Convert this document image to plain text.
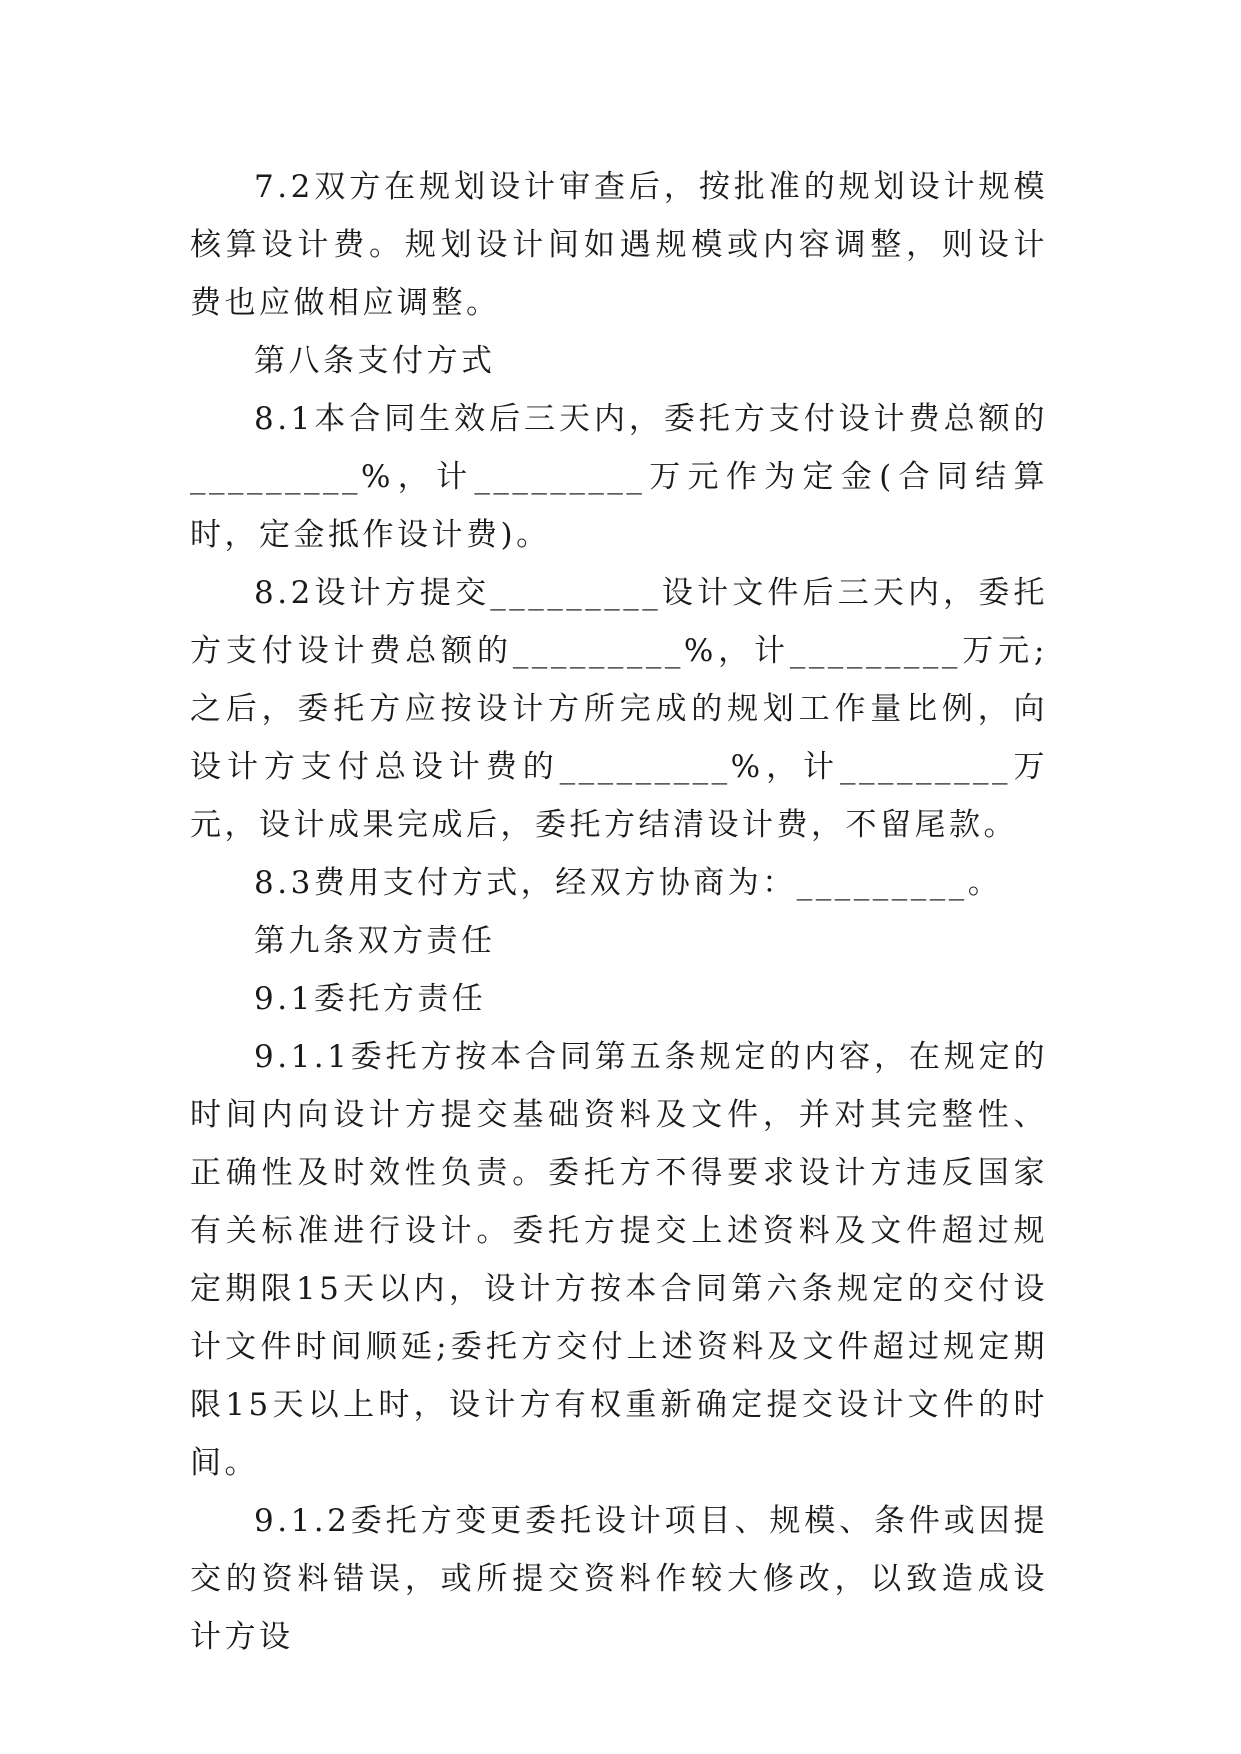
7.2双方在规划设计审查后，按批准的规划设计规模核算设计费。规划设计间如遇规模或内容调整，则设计费也应做相应调整。

第八条支付方式

8.1本合同生效后三天内，委托方支付设计费总额的_________%，计_________万元作为定金(合同结算时，定金抵作设计费)。

8.2设计方提交_________设计文件后三天内，委托方支付设计费总额的_________%，计_________万元;之后，委托方应按设计方所完成的规划工作量比例，向设计方支付总设计费的_________%，计_________万元，设计成果完成后，委托方结清设计费，不留尾款。

8.3费用支付方式，经双方协商为：_________。

第九条双方责任

9.1委托方责任

9.1.1委托方按本合同第五条规定的内容，在规定的时间内向设计方提交基础资料及文件，并对其完整性、正确性及时效性负责。委托方不得要求设计方违反国家有关标准进行设计。委托方提交上述资料及文件超过规定期限15天以内，设计方按本合同第六条规定的交付设计文件时间顺延;委托方交付上述资料及文件超过规定期限15天以上时，设计方有权重新确定提交设计文件的时间。

9.1.2委托方变更委托设计项目、规模、条件或因提交的资料错误，或所提交资料作较大修改，以致造成设计方设
